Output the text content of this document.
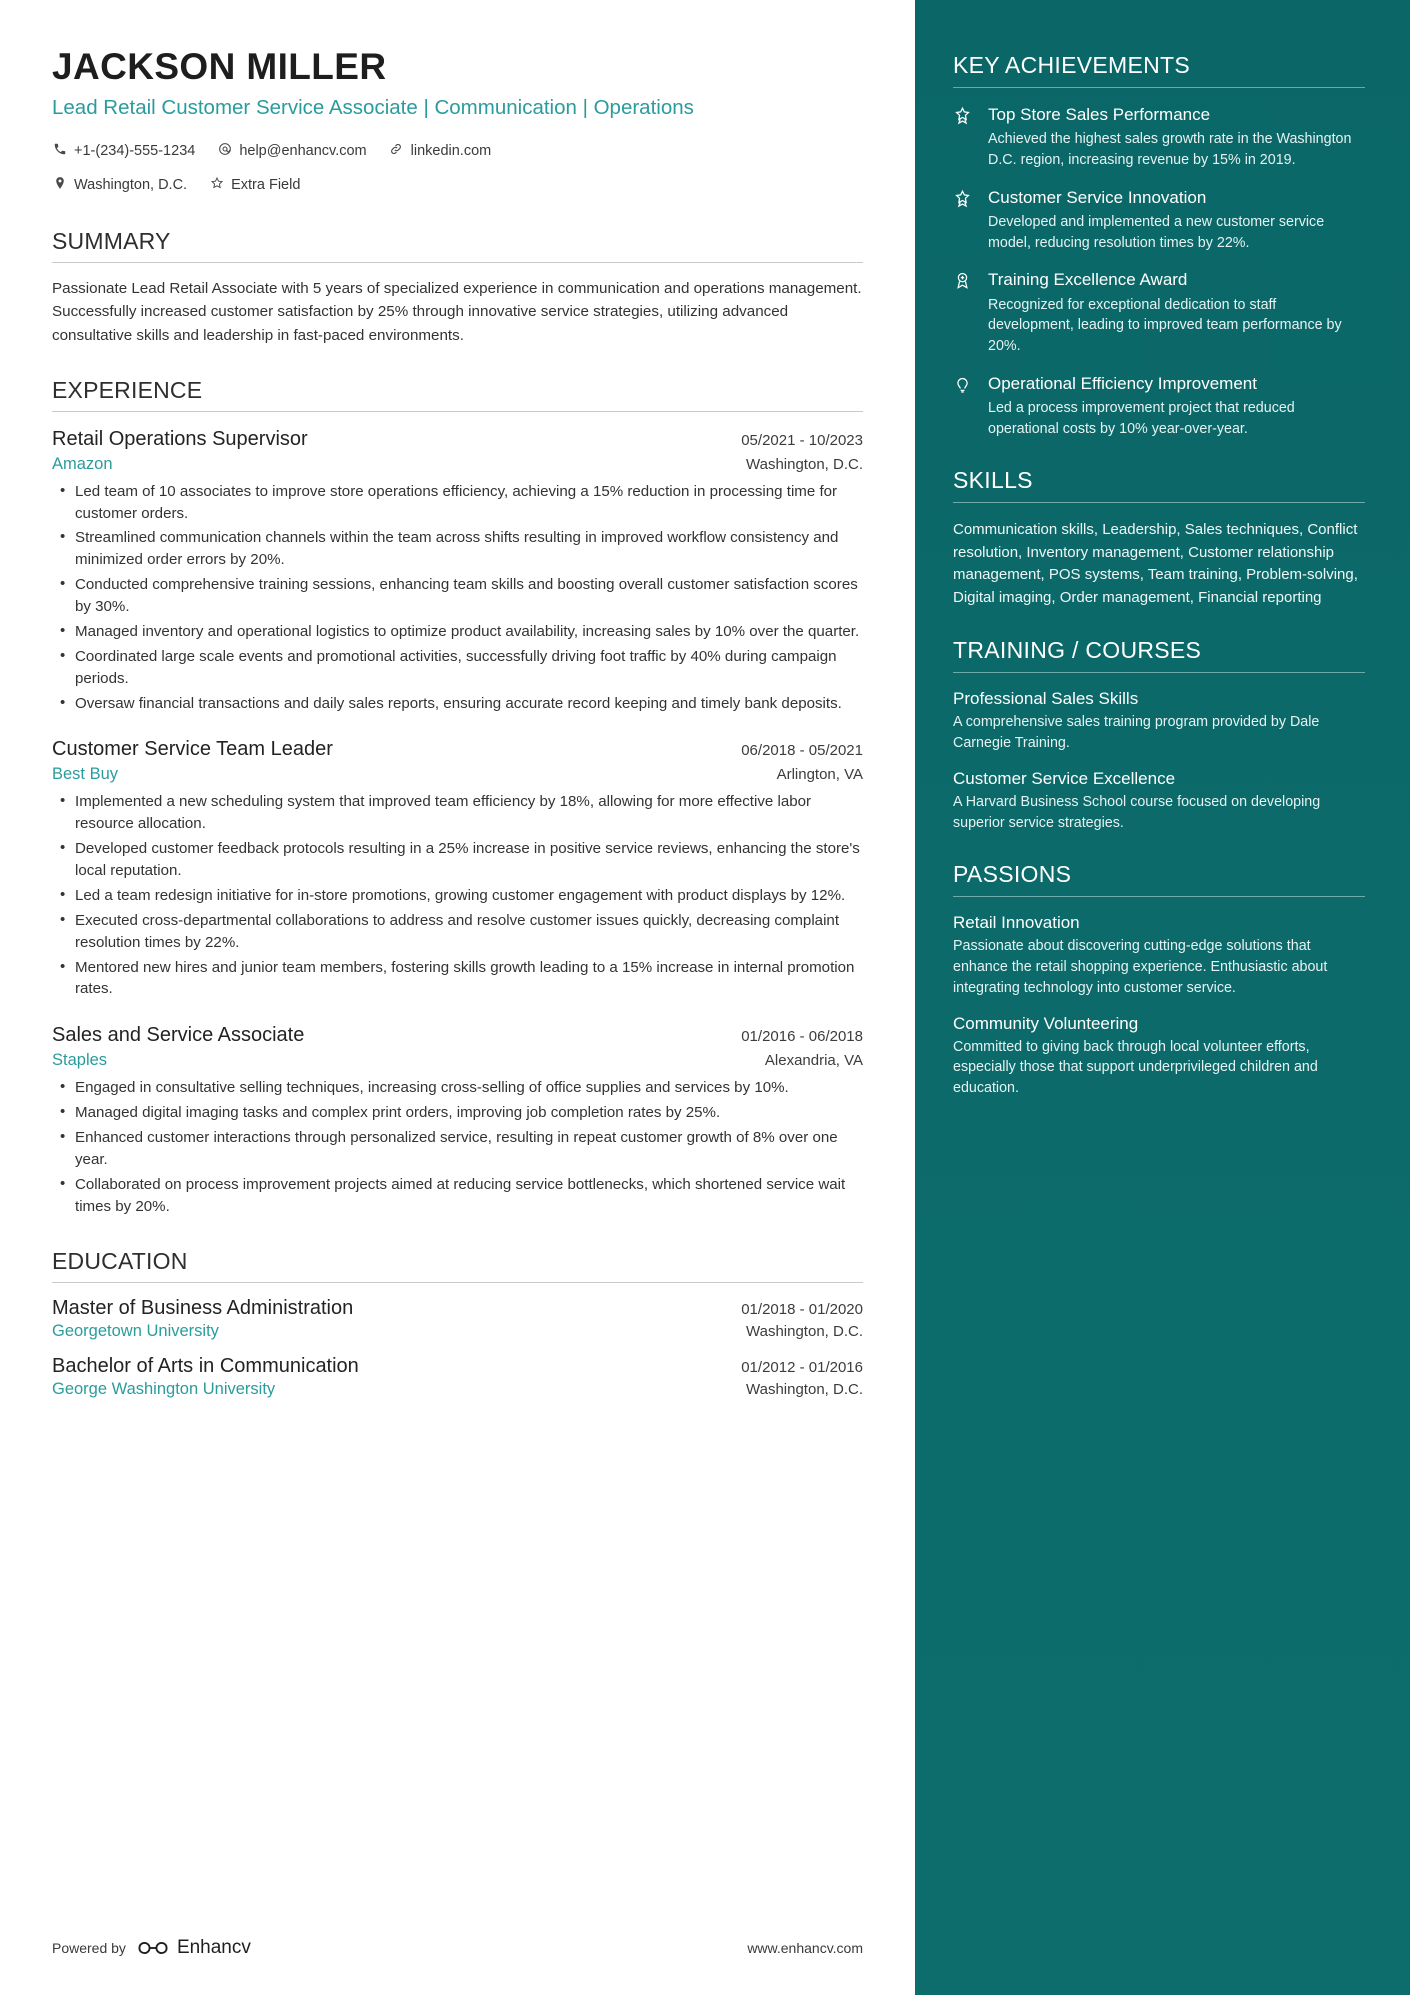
JACKSON MILLER
Lead Retail Customer Service Associate | Communication | Operations
+1-(234)-555-1234	help@enhancv.com	linkedin.com
Washington, D.C.	Extra Field
SUMMARY
Passionate Lead Retail Associate with 5 years of specialized experience in communication and operations management. Successfully increased customer satisfaction by 25% through innovative service strategies, utilizing advanced consultative skills and leadership in fast-paced environments.
EXPERIENCE
Retail Operations Supervisor	05/2021 - 10/2023
Amazon	Washington, D.C.
• Led team of 10 associates to improve store operations efficiency, achieving a 15% reduction in processing time for customer orders.
• Streamlined communication channels within the team across shifts resulting in improved workflow consistency and minimized order errors by 20%.
• Conducted comprehensive training sessions, enhancing team skills and boosting overall customer satisfaction scores by 30%.
• Managed inventory and operational logistics to optimize product availability, increasing sales by 10% over the quarter.
• Coordinated large scale events and promotional activities, successfully driving foot traffic by 40% during campaign periods.
• Oversaw financial transactions and daily sales reports, ensuring accurate record keeping and timely bank deposits.
Customer Service Team Leader	06/2018 - 05/2021
Best Buy	Arlington, VA
• Implemented a new scheduling system that improved team efficiency by 18%, allowing for more effective labor resource allocation.
• Developed customer feedback protocols resulting in a 25% increase in positive service reviews, enhancing the store's local reputation.
• Led a team redesign initiative for in-store promotions, growing customer engagement with product displays by 12%.
• Executed cross-departmental collaborations to address and resolve customer issues quickly, decreasing complaint resolution times by 22%.
• Mentored new hires and junior team members, fostering skills growth leading to a 15% increase in internal promotion rates.
Sales and Service Associate	01/2016 - 06/2018
Staples	Alexandria, VA
• Engaged in consultative selling techniques, increasing cross-selling of office supplies and services by 10%.
• Managed digital imaging tasks and complex print orders, improving job completion rates by 25%.
• Enhanced customer interactions through personalized service, resulting in repeat customer growth of 8% over one year.
• Collaborated on process improvement projects aimed at reducing service bottlenecks, which shortened service wait times by 20%.
EDUCATION
Master of Business Administration	01/2018 - 01/2020
Georgetown University	Washington, D.C.
Bachelor of Arts in Communication	01/2012 - 01/2016
George Washington University	Washington, D.C.
Powered by	Enhancv	www.enhancv.com
KEY ACHIEVEMENTS
Top Store Sales Performance
Achieved the highest sales growth rate in the Washington D.C. region, increasing revenue by 15% in 2019.
Customer Service Innovation
Developed and implemented a new customer service model, reducing resolution times by 22%.
Training Excellence Award
Recognized for exceptional dedication to staff development, leading to improved team performance by 20%.
Operational Efficiency Improvement
Led a process improvement project that reduced operational costs by 10% year-over-year.
SKILLS
Communication skills, Leadership, Sales techniques, Conflict resolution, Inventory management, Customer relationship management, POS systems, Team training, Problem-solving, Digital imaging, Order management, Financial reporting
TRAINING / COURSES
Professional Sales Skills
A comprehensive sales training program provided by Dale Carnegie Training.
Customer Service Excellence
A Harvard Business School course focused on developing superior service strategies.
PASSIONS
Retail Innovation
Passionate about discovering cutting-edge solutions that enhance the retail shopping experience. Enthusiastic about integrating technology into customer service.
Community Volunteering
Committed to giving back through local volunteer efforts, especially those that support underprivileged children and education.
